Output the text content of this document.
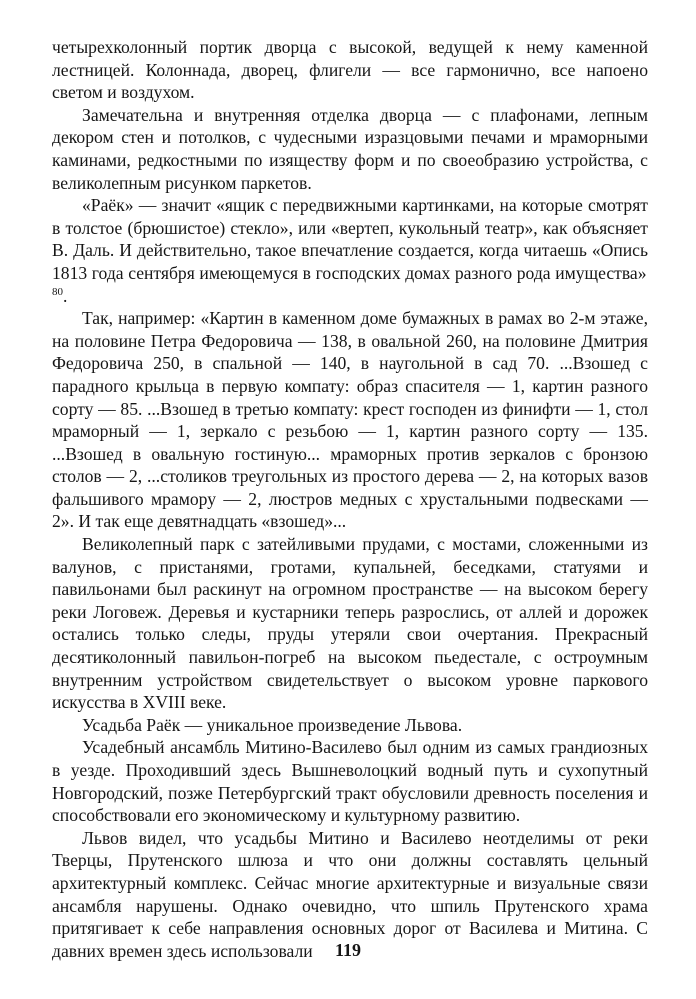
четырехколонный портик дворца с высокой, ведущей к нему каменной лестницей. Колоннада, дворец, флигели — все гармонично, все напоено светом и воздухом.

Замечательна и внутренняя отделка дворца — с плафонами, лепным декором стен и потолков, с чудесными изразцовыми печами и мраморными каминами, редкостными по изяществу форм и по своеобразию устройства, с великолепным рисунком паркетов.

«Раёк» — значит «ящик с передвижными картинками, на которые смотрят в толстое (брюшистое) стекло», или «вертеп, кукольный театр», как объясняет В. Даль. И действительно, такое впечатление создается, когда читаешь «Опись 1813 года сентября имеющемуся в господских домах разного рода имущества» $^{80}$.

Так, например: «Картин в каменном доме бумажных в рамах во 2-м этаже, на половине Петра Федоровича — 138, в овальной 260, на половине Дмитрия Федоровича 250, в спальной — 140, в наугольной в сад 70. ...Взошед с парадного крыльца в первую компату: образ спасителя — 1, картин разного сорту — 85. ...Взошед в третью компату: крест господен из финифти — 1, стол мраморный — 1, зеркало с резьбою — 1, картин разного сорту — 135. ...Взошед в овальную гостиную... мраморных против зеркалов с бронзою столов — 2, ...столиков треугольных из простого дерева — 2, на которых вазов фальшивого мрамору — 2, люстров медных с хрустальными подвесками — 2». И так еще девятнадцать «взошед»...

Великолепный парк с затейливыми прудами, с мостами, сложенными из валунов, с пристанями, гротами, купальней, беседками, статуями и павильонами был раскинут на огромном пространстве — на высоком берегу реки Логовеж. Деревья и кустарники теперь разрослись, от аллей и дорожек остались только следы, пруды утеряли свои очертания. Прекрасный десятиколонный павильон-погреб на высоком пьедестале, с остроумным внутренним устройством свидетельствует о высоком уровне паркового искусства в XVIII веке.

Усадьба Раёк — уникальное произведение Львова.

Усадебный ансамбль Митино-Василево был одним из самых грандиозных в уезде. Проходивший здесь Вышневолоцкий водный путь и сухопутный Новгородский, позже Петербургский тракт обусловили древность поселения и способствовали его экономическому и культурному развитию.

Львов видел, что усадьбы Митино и Василево неотделимы от реки Тверцы, Прутенского шлюза и что они должны составлять цельный архитектурный комплекс. Сейчас многие архитектурные и визуальные связи ансамбля нарушены. Однако очевидно, что шпиль Прутенского храма притягивает к себе направления основных дорог от Василева и Митина. С давних времен здесь использовали	119
